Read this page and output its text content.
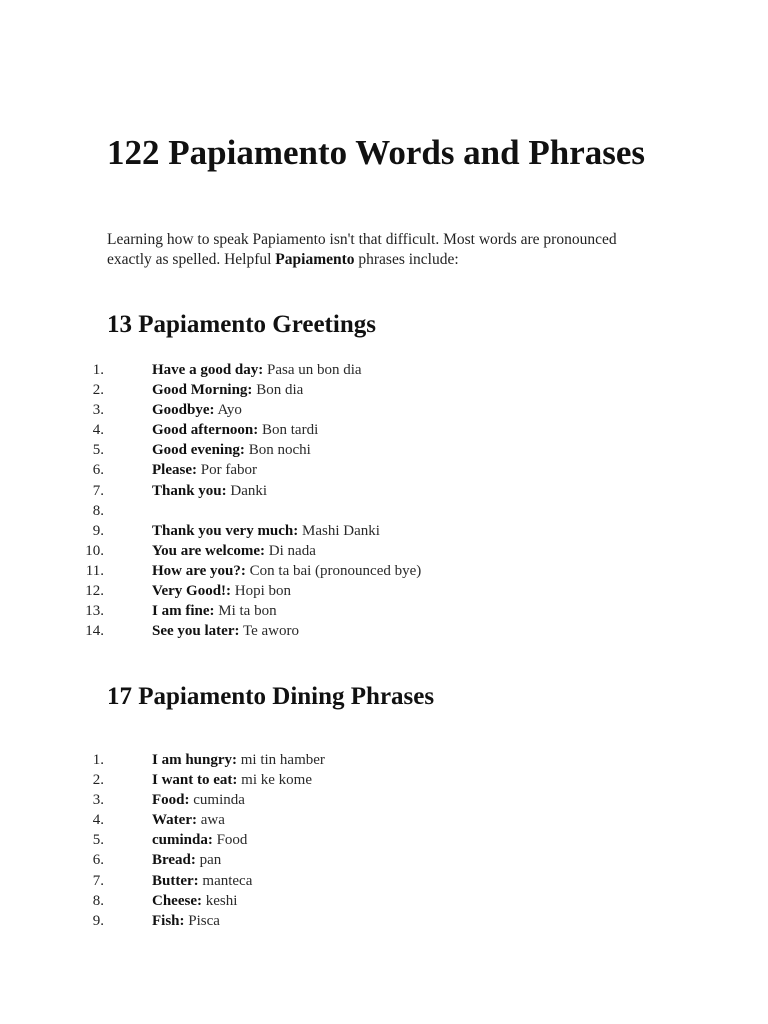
122 Papiamento Words and Phrases

Learning how to speak Papiamento isn't that difficult. Most words are pronounced exactly as spelled. Helpful Papiamento phrases include:

13 Papiamento Greetings
1.	Have a good day: Pasa un bon dia
2.	Good Morning: Bon dia
3.	Goodbye: Ayo
4.	Good afternoon: Bon tardi
5.	Good evening: Bon nochi
6.	Please: Por fabor
7.	Thank you: Danki
8.
9.	Thank you very much: Mashi Danki
10.	You are welcome: Di nada
11.	How are you?: Con ta bai (pronounced bye)
12.	Very Good!: Hopi bon
13.	I am fine: Mi ta bon
14.	See you later: Te aworo
17 Papiamento Dining Phrases
1.	I am hungry: mi tin hamber
2.	I want to eat: mi ke kome
3.	Food: cuminda
4.	Water: awa
5.	cuminda: Food
6.	Bread: pan
7.	Butter: manteca
8.	Cheese: keshi
9.	Fish: Pisca
